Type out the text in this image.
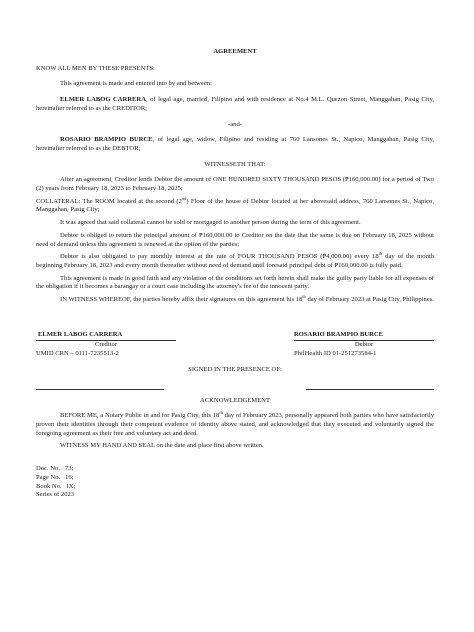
AGREEMENT

KNOW ALL MEN BY THESE PRESENTS:

This agreement is made and entered into by and between:

ELMER LABOG CARRERA, of legal age, married, Filipino and with residence at No.4 M.L. Quezon Street, Manggahan, Pasig City, hereinafter referred to as the CREDITOR;

-and-

ROSARIO BRAMPIO BURCE, of legal age, widow, Filipino and residing at 760 Lansones St., Napico, Manggahan, Pasig City, hereinafter referred to as the DEBTOR;

WITNESSETH THAT:

After an agreement, Creditor lends Debtor the amount of ONE HUNDRED SIXTY THOUSAND PESOS (₱160,000.00) for a period of Two (2) years from February 18, 2023 to February 18, 2025;

COLLATERAL: The ROOM located at the second (2nd) Floor of the house of Debtor located at her abovesaid address, 760 Lansones St., Napico, Manggahan, Pasig City;

It was agreed that said collateral cannot be sold or mortgaged to another person during the term of this agreement.

Debtor is obliged to return the principal amount of ₱160,000.00 to Creditor on the date that the same is due on February 18, 2025 without need of demand unless this agreement is renewed at the option of the parties;

Debtor is also obligated to pay monthly interest at the rate of FOUR THOUSAND PESOS (₱4,000.00) every 18th day of the month beginning February 18, 2023 and every month thereafter without need of demand until foresaid principal debt of ₱160,000.00 is fully paid.

This agreement is made in good faith and any violation of the conditions set forth herein shall make the guilty party liable for all expenses of the obligation if it becomes a barangay or a court case including the attorney's fee of the innocent party.

IN WITNESS WHEREOF, the parties hereby affix their signatures on this agreement his 18th day of February 2023 at Pasig City, Philippines.

ELMER LABOG CARRERA
Creditor
UMID CRN – 0111-7235513-2
ROSARIO BRAMPIO BURCE
Debtor
PhilHealth ID 01-251273584-1

SIGNED IN THE PRESENCE OF:

ACKNOWLEDGEMENT

BEFORE ME, a Notary Public in and for Pasig City, this 18th day of February 2023, personally appeared both parties who have satisfactorily proven their identities through their competent evidence of identity above stated, and acknowledged that they executed and voluntarily signed the foregoing agreement as their free and voluntary act and deed.

WITNESS MY HAND AND SEAL on the date and place first above written.

Doc. No.   73;

Page No.   16;

Book No.   IX;

Series of 2023
